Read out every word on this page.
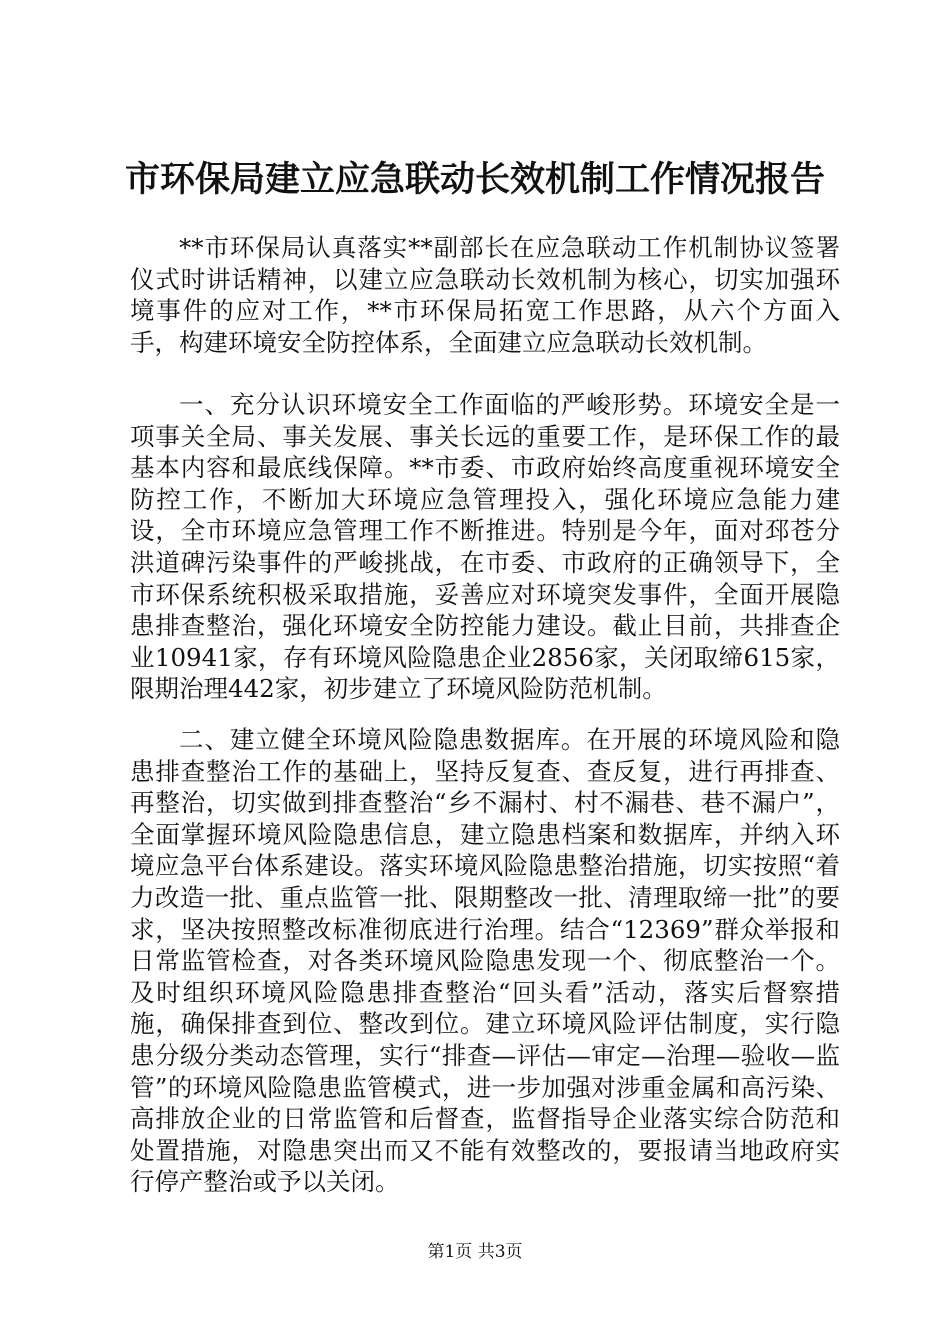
市环保局建立应急联动长效机制工作情况报告

**市环保局认真落实**副部长在应急联动工作机制协议签署仪式时讲话精神，以建立应急联动长效机制为核心，切实加强环境事件的应对工作，**市环保局拓宽工作思路，从六个方面入手，构建环境安全防控体系，全面建立应急联动长效机制。

一、充分认识环境安全工作面临的严峻形势。环境安全是一项事关全局、事关发展、事关长远的重要工作，是环保工作的最基本内容和最底线保障。**市委、市政府始终高度重视环境安全防控工作，不断加大环境应急管理投入，强化环境应急能力建设，全市环境应急管理工作不断推进。特别是今年，面对邳苍分洪道碑污染事件的严峻挑战，在市委、市政府的正确领导下，全市环保系统积极采取措施，妥善应对环境突发事件，全面开展隐患排查整治，强化环境安全防控能力建设。截止目前，共排查企业10941家，存有环境风险隐患企业2856家，关闭取缔615家，限期治理442家，初步建立了环境风险防范机制。

二、建立健全环境风险隐患数据库。在开展的环境风险和隐患排查整治工作的基础上，坚持反复查、查反复，进行再排查、再整治，切实做到排查整治“乡不漏村、村不漏巷、巷不漏户”，全面掌握环境风险隐患信息，建立隐患档案和数据库，并纳入环境应急平台体系建设。落实环境风险隐患整治措施，切实按照“着力改造一批、重点监管一批、限期整改一批、清理取缔一批”的要求，坚决按照整改标准彻底进行治理。结合“12369”群众举报和日常监管检查，对各类环境风险隐患发现一个、彻底整治一个。及时组织环境风险隐患排查整治“回头看”活动，落实后督察措施，确保排查到位、整改到位。建立环境风险评估制度，实行隐患分级分类动态管理，实行“排查—评估—审定—治理—验收—监管”的环境风险隐患监管模式，进一步加强对涉重金属和高污染、高排放企业的日常监管和后督查，监督指导企业落实综合防范和处置措施，对隐患突出而又不能有效整改的，要报请当地政府实行停产整治或予以关闭。

第1页 共3页
